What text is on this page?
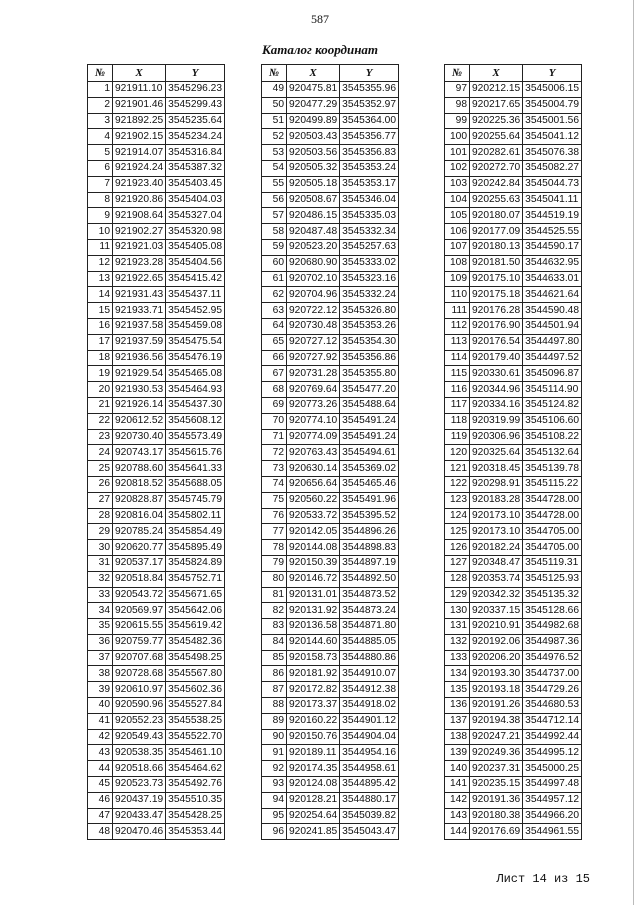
587
Каталог координат
№	X	Y
1	921911.10	3545296.23
2	921901.46	3545299.43
3	921892.25	3545235.64
4	921902.15	3545234.24
5	921914.07	3545316.84
6	921924.24	3545387.32
7	921923.40	3545403.45
8	921920.86	3545404.03
9	921908.64	3545327.04
10	921902.27	3545320.98
11	921921.03	3545405.08
12	921923.28	3545404.56
13	921922.65	3545415.42
14	921931.43	3545437.11
15	921933.71	3545452.95
16	921937.58	3545459.08
17	921937.59	3545475.54
18	921936.56	3545476.19
19	921929.54	3545465.08
20	921930.53	3545464.93
21	921926.14	3545437.30
22	920612.52	3545608.12
23	920730.40	3545573.49
24	920743.17	3545615.76
25	920788.60	3545641.33
26	920818.52	3545688.05
27	920828.87	3545745.79
28	920816.04	3545802.11
29	920785.24	3545854.49
30	920620.77	3545895.49
31	920537.17	3545824.89
32	920518.84	3545752.71
33	920543.72	3545671.65
34	920569.97	3545642.06
35	920615.55	3545619.42
36	920759.77	3545482.36
37	920707.68	3545498.25
38	920728.68	3545567.80
39	920610.97	3545602.36
40	920590.96	3545527.84
41	920552.23	3545538.25
42	920549.43	3545522.70
43	920538.35	3545461.10
44	920518.66	3545464.62
45	920523.73	3545492.76
46	920437.19	3545510.35
47	920433.47	3545428.25
48	920470.46	3545353.44
№	X	Y
49	920475.81	3545355.96
50	920477.29	3545352.97
51	920499.89	3545364.00
52	920503.43	3545356.77
53	920503.56	3545356.83
54	920505.32	3545353.24
55	920505.18	3545353.17
56	920508.67	3545346.04
57	920486.15	3545335.03
58	920487.48	3545332.34
59	920523.20	3545257.63
60	920680.90	3545333.02
61	920702.10	3545323.16
62	920704.96	3545332.24
63	920722.12	3545326.80
64	920730.48	3545353.26
65	920727.12	3545354.30
66	920727.92	3545356.86
67	920731.28	3545355.80
68	920769.64	3545477.20
69	920773.26	3545488.64
70	920774.10	3545491.24
71	920774.09	3545491.24
72	920763.43	3545494.61
73	920630.14	3545369.02
74	920656.64	3545465.46
75	920560.22	3545491.96
76	920533.72	3545395.52
77	920142.05	3544896.26
78	920144.08	3544898.83
79	920150.39	3544897.19
80	920146.72	3544892.50
81	920131.01	3544873.52
82	920131.92	3544873.24
83	920136.58	3544871.80
84	920144.60	3544885.05
85	920158.73	3544880.86
86	920181.92	3544910.07
87	920172.82	3544912.38
88	920173.37	3544918.02
89	920160.22	3544901.12
90	920150.76	3544904.04
91	920189.11	3544954.16
92	920174.35	3544958.61
93	920124.08	3544895.42
94	920128.21	3544880.17
95	920254.64	3545039.82
96	920241.85	3545043.47
№	X	Y
97	920212.15	3545006.15
98	920217.65	3545004.79
99	920225.36	3545001.56
100	920255.64	3545041.12
101	920282.61	3545076.38
102	920272.70	3545082.27
103	920242.84	3545044.73
104	920255.63	3545041.11
105	920180.07	3544519.19
106	920177.09	3544525.55
107	920180.13	3544590.17
108	920181.50	3544632.95
109	920175.10	3544633.01
110	920175.18	3544621.64
111	920176.28	3544590.48
112	920176.90	3544501.94
113	920176.54	3544497.80
114	920179.40	3544497.52
115	920330.61	3545096.87
116	920344.96	3545114.90
117	920334.16	3545124.82
118	920319.99	3545106.60
119	920306.96	3545108.22
120	920325.64	3545132.64
121	920318.45	3545139.78
122	920298.91	3545115.22
123	920183.28	3544728.00
124	920173.10	3544728.00
125	920173.10	3544705.00
126	920182.24	3544705.00
127	920348.47	3545119.31
128	920353.74	3545125.93
129	920342.32	3545135.32
130	920337.15	3545128.66
131	920210.91	3544982.68
132	920192.06	3544987.36
133	920206.20	3544976.52
134	920193.30	3544737.00
135	920193.18	3544729.26
136	920191.26	3544680.53
137	920194.38	3544712.14
138	920247.21	3544992.44
139	920249.36	3544995.12
140	920237.31	3545000.25
141	920235.15	3544997.48
142	920191.36	3544957.12
143	920180.38	3544966.20
144	920176.69	3544961.55
Лист 14 из 15
